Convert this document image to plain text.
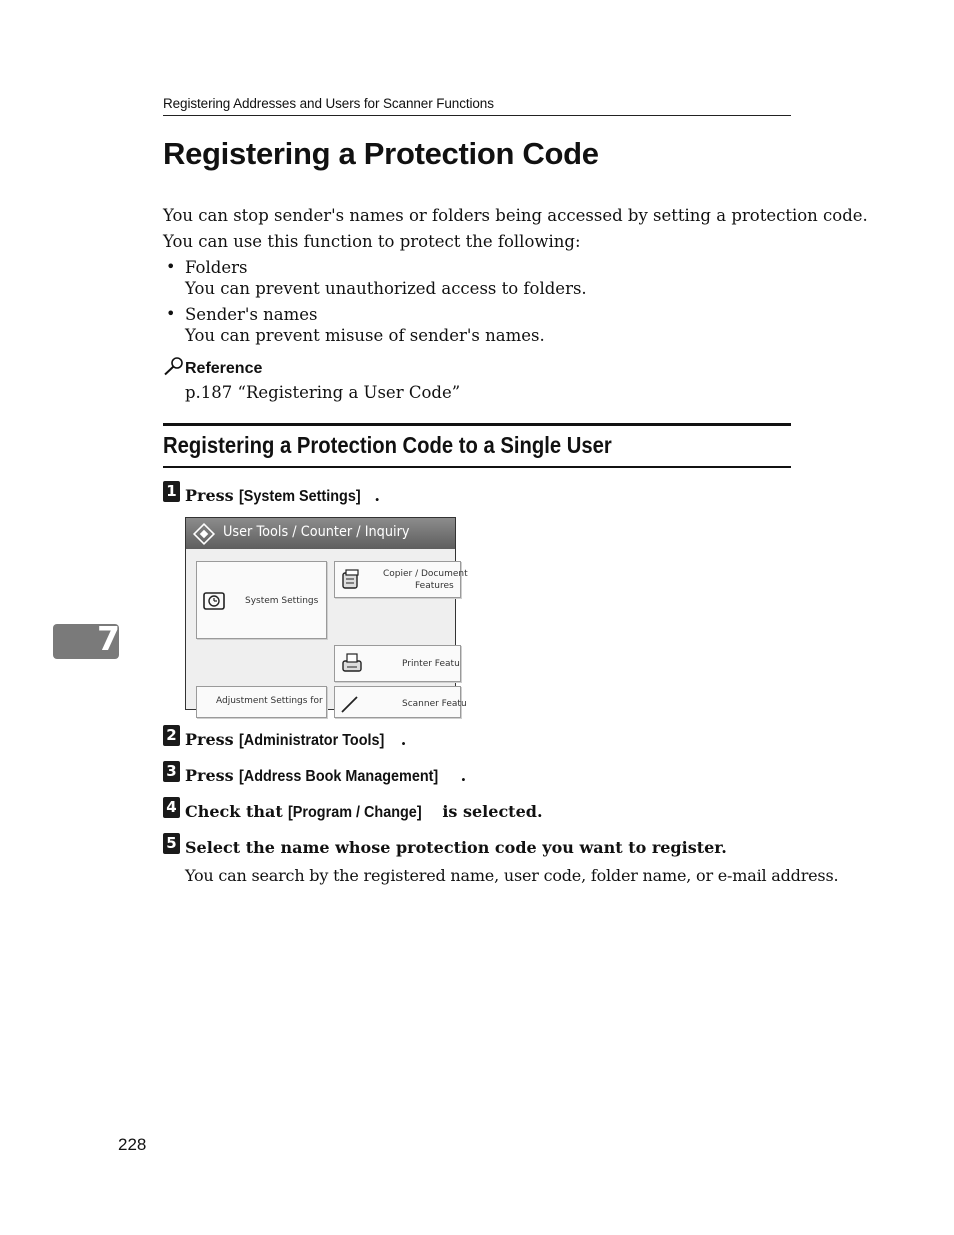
Registering Addresses and Users for Scanner Functions
Registering a Protection Code
You can stop sender's names or folders being accessed by setting a protection code.
You can use this function to protect the following:
• Folders
You can prevent unauthorized access to folders.
• Sender's names
You can prevent misuse of sender's names.
Reference
p.187 “Registering a User Code”
Registering a Protection Code to a Single User
1 Press [System Settings] .
User Tools / Counter / Inquiry
System Settings
Copier / Document
Features
Printer Featu
Adjustment Settings for	Scanner Featu
7
2 Press [Administrator Tools] .
3 Press [Address Book Management] .
4 Check that [Program / Change] is selected.
5 Select the name whose protection code you want to register.
You can search by the registered name, user code, folder name, or e-mail address.
228
